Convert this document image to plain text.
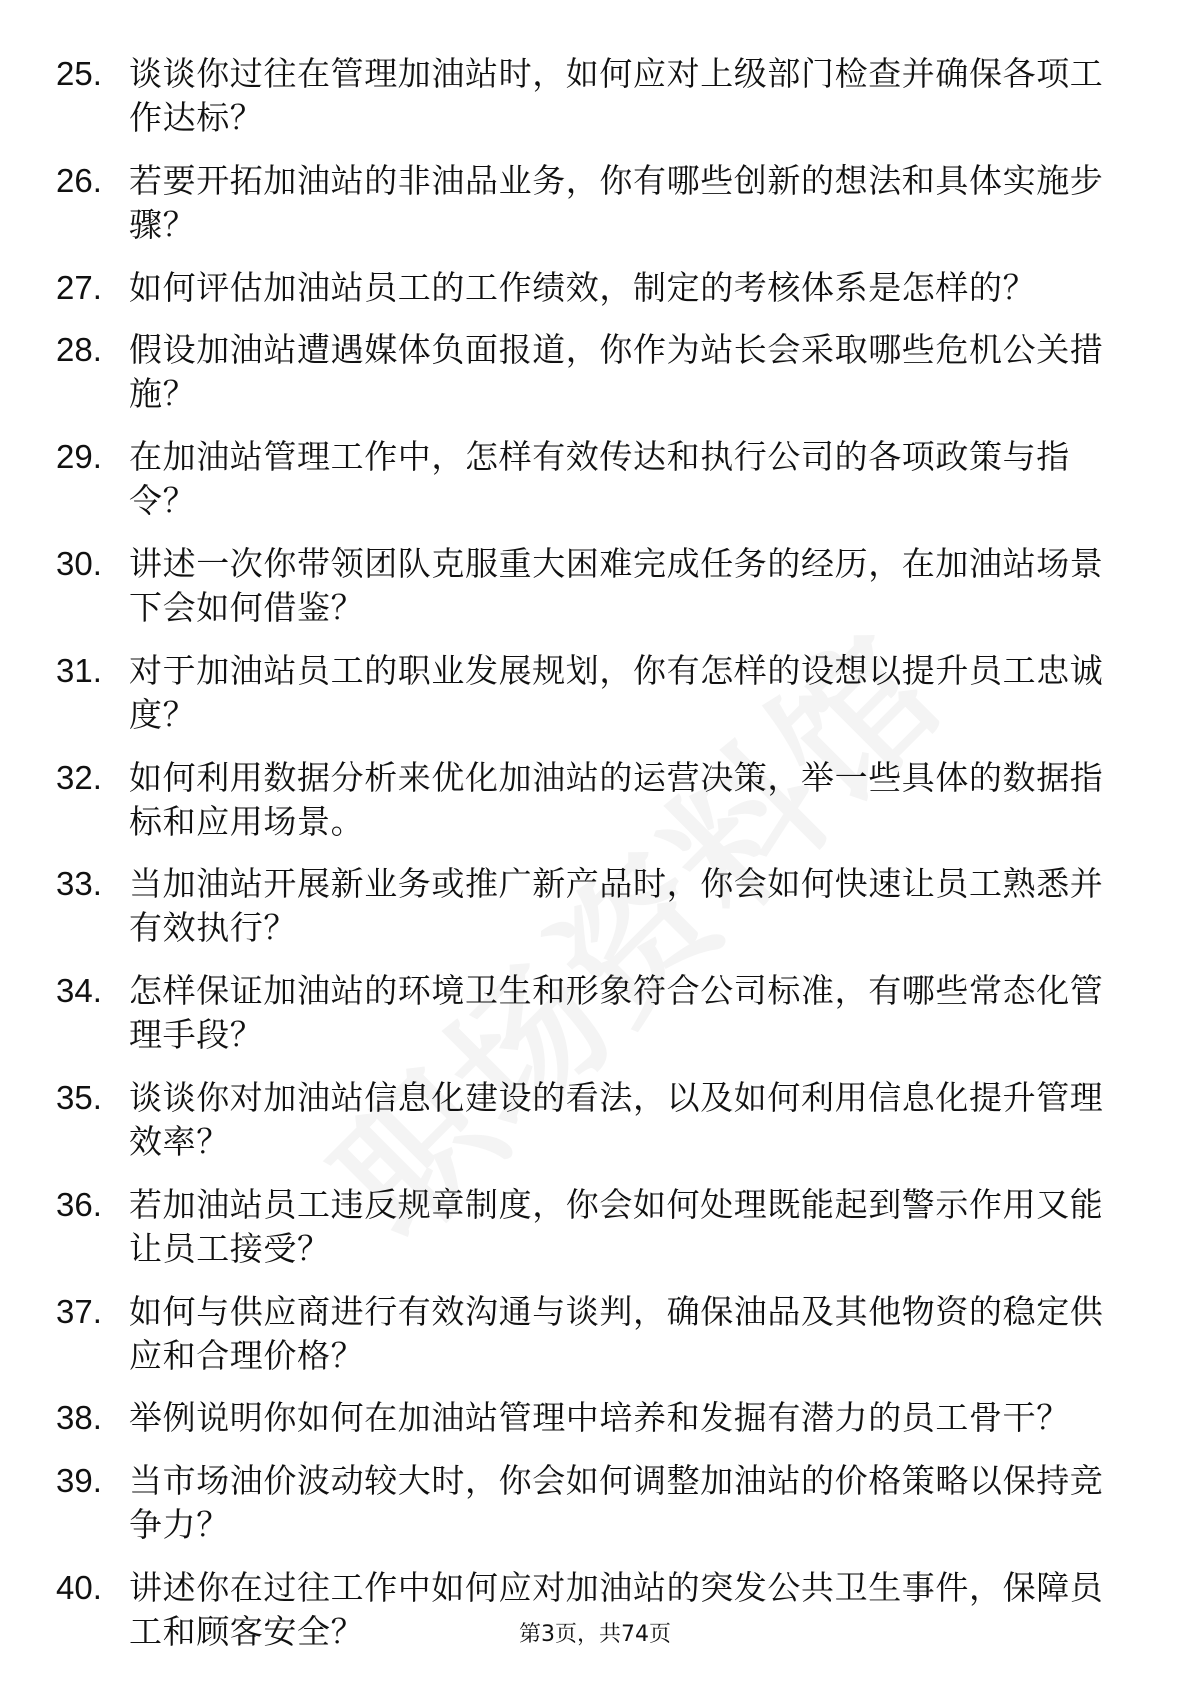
25. 谈谈你过往在管理加油站时，如何应对上级部门检查并确保各项工作达标？
26. 若要开拓加油站的非油品业务，你有哪些创新的想法和具体实施步骤？
27. 如何评估加油站员工的工作绩效，制定的考核体系是怎样的？
28. 假设加油站遭遇媒体负面报道，你作为站长会采取哪些危机公关措施？
29. 在加油站管理工作中，怎样有效传达和执行公司的各项政策与指令？
30. 讲述一次你带领团队克服重大困难完成任务的经历，在加油站场景下会如何借鉴？
31. 对于加油站员工的职业发展规划，你有怎样的设想以提升员工忠诚度？
32. 如何利用数据分析来优化加油站的运营决策，举一些具体的数据指标和应用场景。
33. 当加油站开展新业务或推广新产品时，你会如何快速让员工熟悉并有效执行？
34. 怎样保证加油站的环境卫生和形象符合公司标准，有哪些常态化管理手段？
35. 谈谈你对加油站信息化建设的看法，以及如何利用信息化提升管理效率？
36. 若加油站员工违反规章制度，你会如何处理既能起到警示作用又能让员工接受？
37. 如何与供应商进行有效沟通与谈判，确保油品及其他物资的稳定供应和合理价格？
38. 举例说明你如何在加油站管理中培养和发掘有潜力的员工骨干？
39. 当市场油价波动较大时，你会如何调整加油站的价格策略以保持竞争力？
40. 讲述你在过往工作中如何应对加油站的突发公共卫生事件，保障员工和顾客安全？	第3页，共74页
